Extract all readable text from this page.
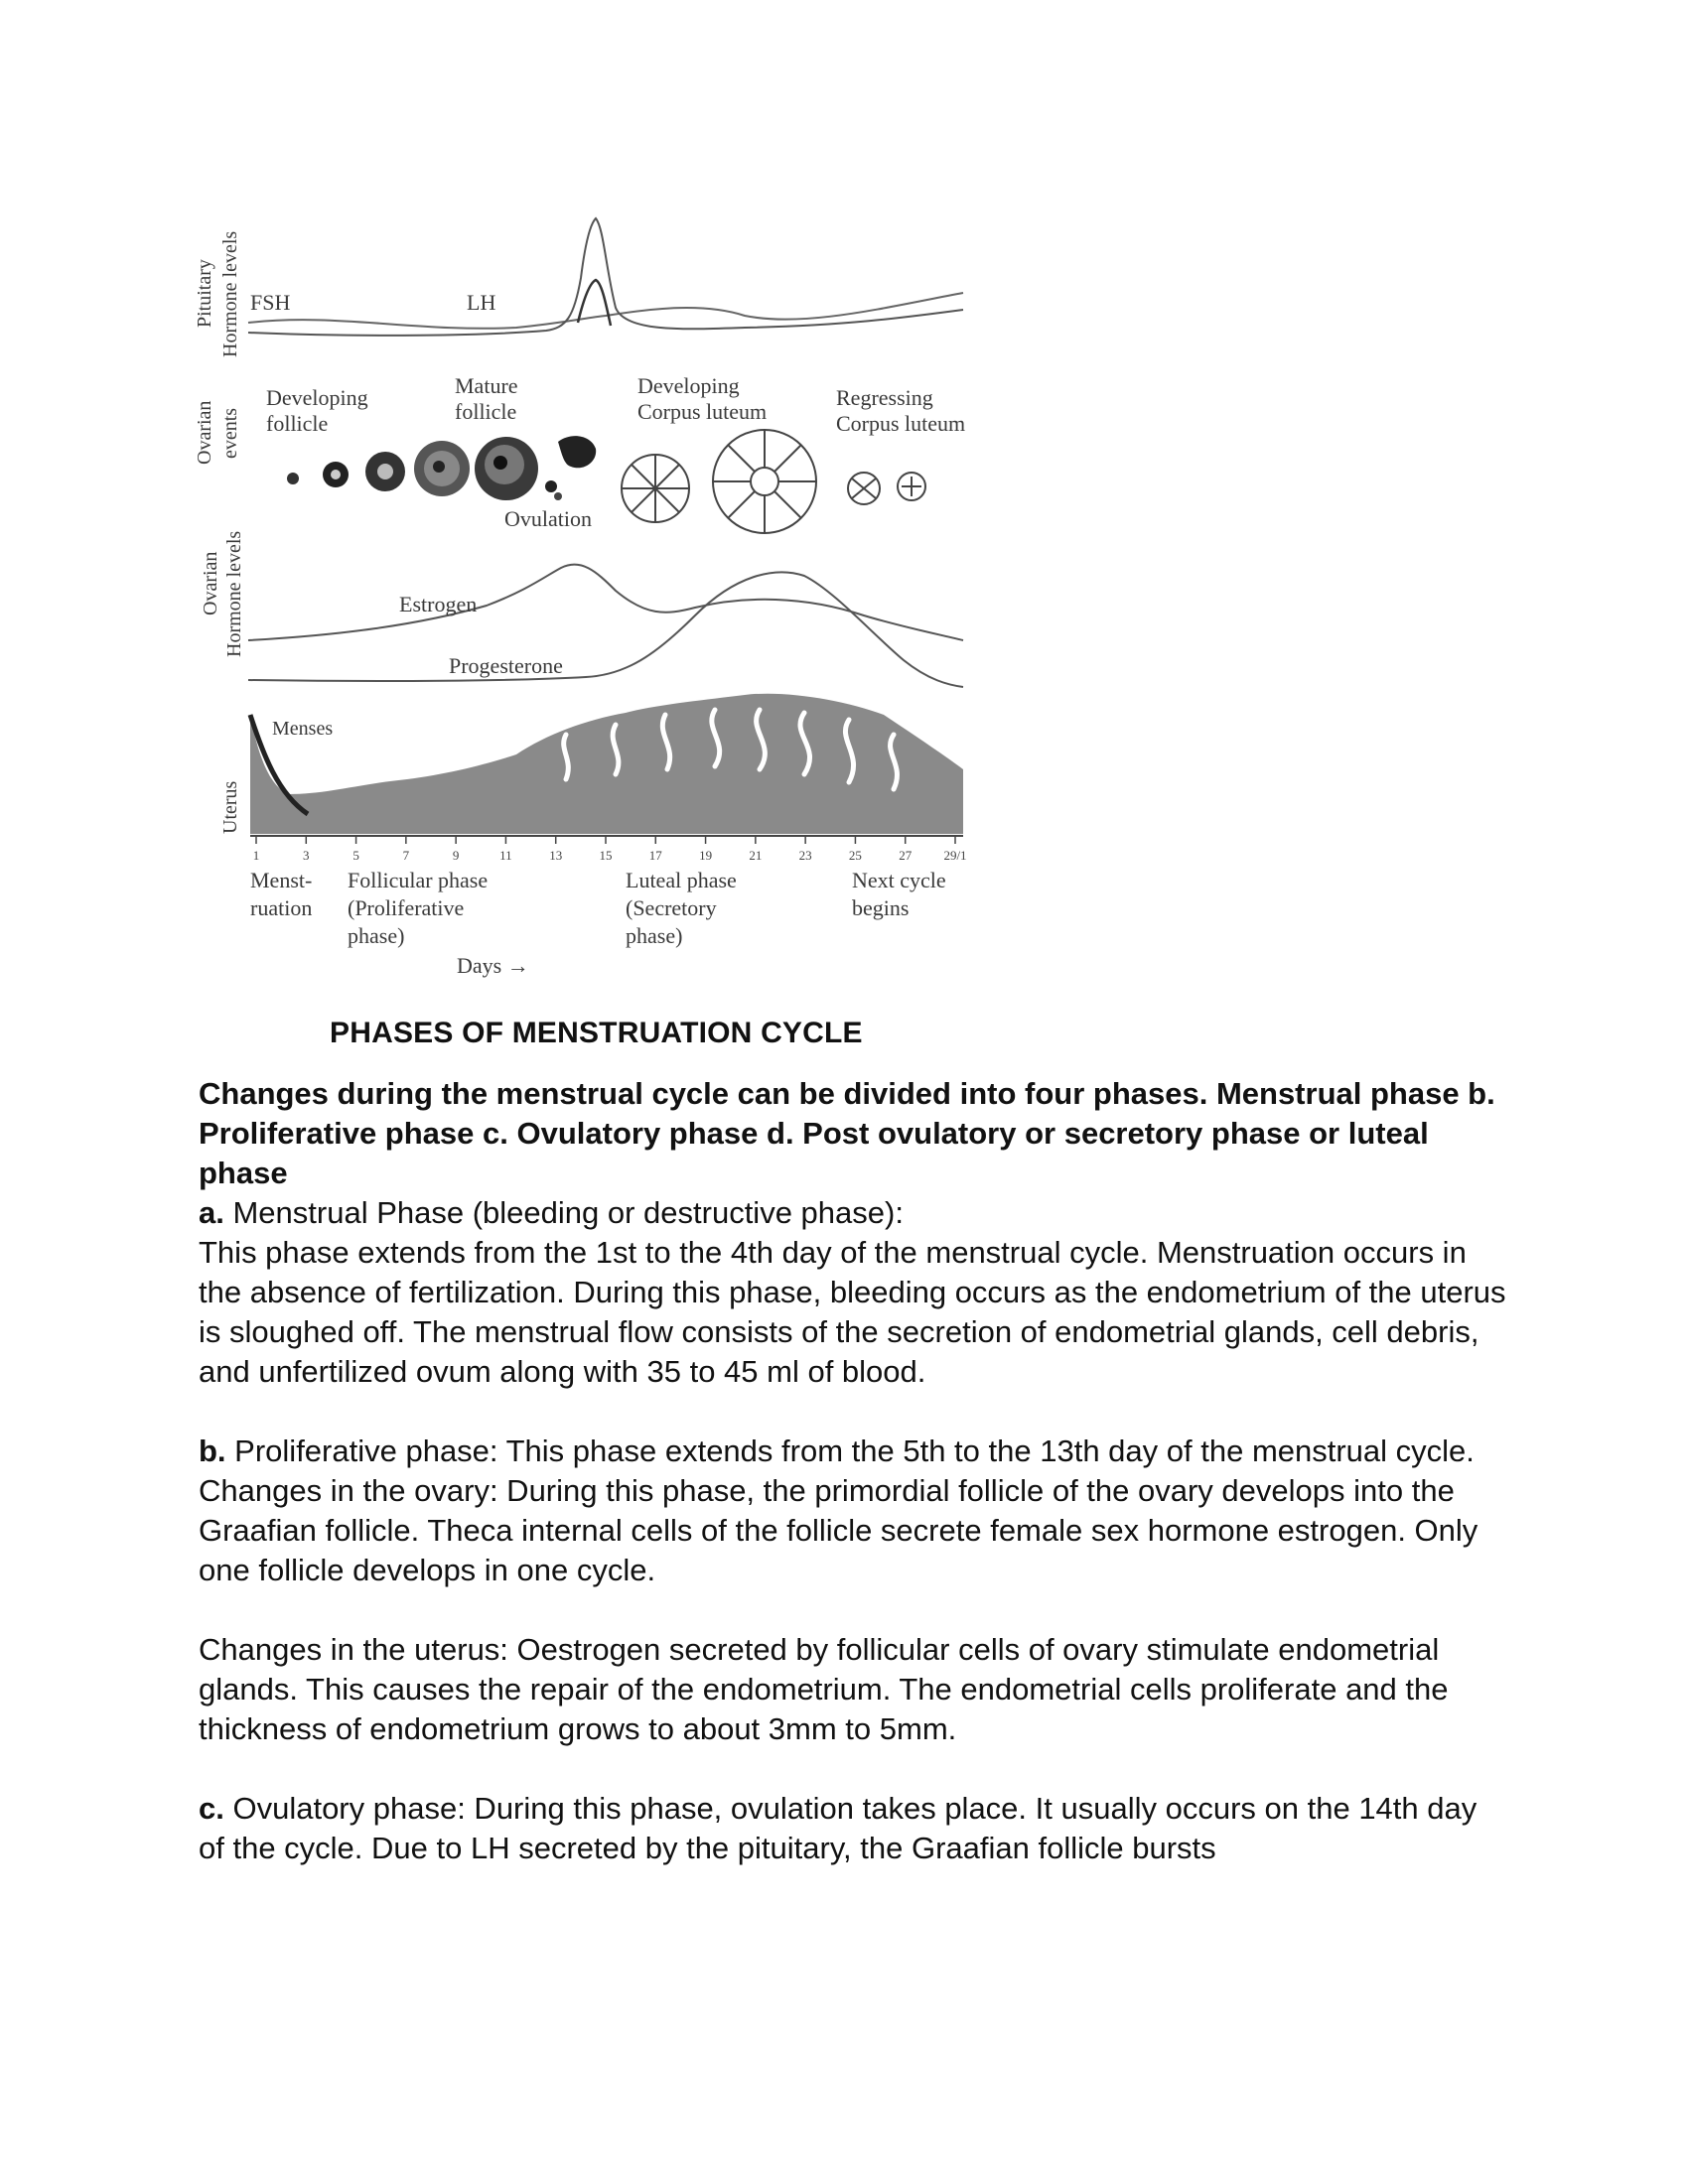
Pituitary Hormone levels
Ovarian events
Ovarian Hormone levels
Uterus
FSH	LH
Developing
follicle
Mature
follicle
Developing
Corpus luteum
Regressing
Corpus luteum
Ovulation
Estrogen
Progesterone
Menses
1	3	5	7	9	11	13	15	17	19	21	23	25	27 29/1
Menst-
ruation
Follicular phase
(Proliferative
phase)
Luteal phase
(Secretory
phase)
Next cycle
begins
Days →
PHASES OF MENSTRUATION CYCLE

Changes during the menstrual cycle can be divided into four phases. Menstrual phase b. Proliferative phase c. Ovulatory phase d. Post ovulatory or secretory phase or luteal phase

a. Menstrual Phase (bleeding or destructive phase):

This phase extends from the 1st to the 4th day of the menstrual cycle. Menstruation occurs in the absence of fertilization. During this phase, bleeding occurs as the endometrium of the uterus is sloughed off. The menstrual flow consists of the secretion of endometrial glands, cell debris, and unfertilized ovum along with 35 to 45 ml of blood.

b. Proliferative phase: This phase extends from the 5th to the 13th day of the menstrual cycle.

Changes in the ovary: During this phase, the primordial follicle of the ovary develops into the Graafian follicle. Theca internal cells of the follicle secrete female sex hormone estrogen. Only one follicle develops in one cycle.

Changes in the uterus: Oestrogen secreted by follicular cells of ovary stimulate endometrial glands. This causes the repair of the endometrium. The endometrial cells proliferate and the thickness of endometrium grows to about 3mm to 5mm.

c. Ovulatory phase: During this phase, ovulation takes place. It usually occurs on the 14th day of the cycle. Due to LH secreted by the pituitary, the Graafian follicle bursts
